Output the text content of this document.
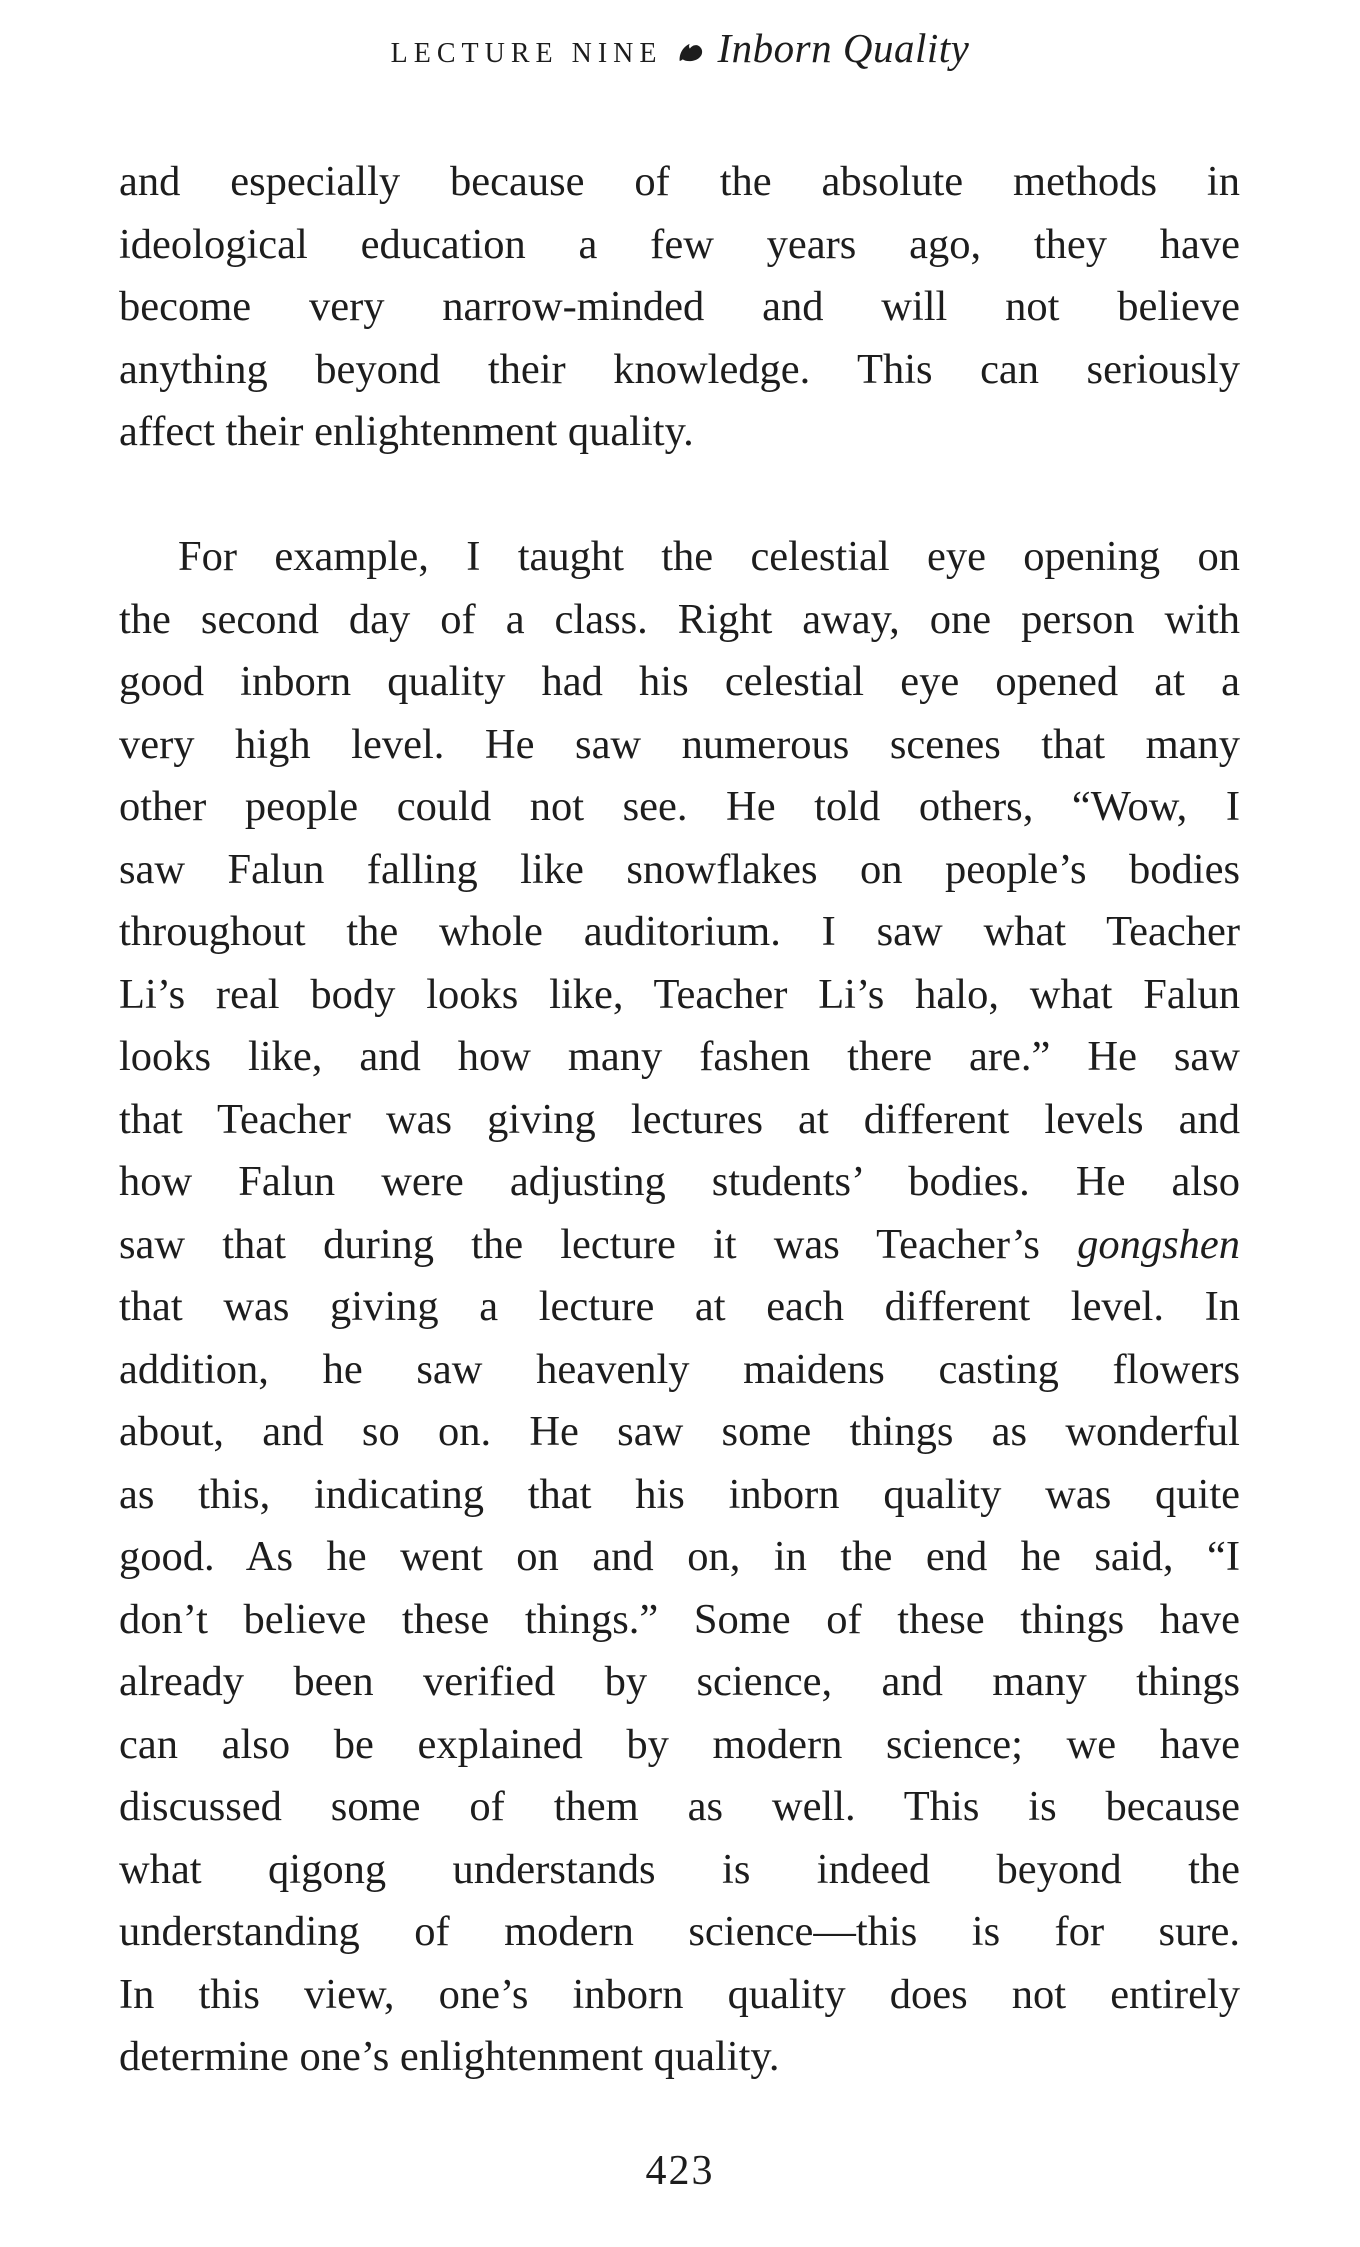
LECTURE NINE Inborn Quality
and especially because of the absolute methods in
ideological education a few years ago, they have
become very narrow-minded and will not believe
anything beyond their knowledge. This can seriously
affect their enlightenment quality.
For example, I taught the celestial eye opening on
the second day of a class. Right away, one person with
good inborn quality had his celestial eye opened at a
very high level. He saw numerous scenes that many
other people could not see. He told others, “Wow, I
saw Falun falling like snowflakes on people’s bodies
throughout the whole auditorium. I saw what Teacher
Li’s real body looks like, Teacher Li’s halo, what Falun
looks like, and how many fashen there are.” He saw
that Teacher was giving lectures at different levels and
how Falun were adjusting students’ bodies. He also
saw that during the lecture it was Teacher’s gongshen
that was giving a lecture at each different level. In
addition, he saw heavenly maidens casting flowers
about, and so on. He saw some things as wonderful
as this, indicating that his inborn quality was quite
good. As he went on and on, in the end he said, “I
don’t believe these things.” Some of these things have
already been verified by science, and many things
can also be explained by modern science; we have
discussed some of them as well. This is because
what qigong understands is indeed beyond the
understanding of modern science—this is for sure.
In this view, one’s inborn quality does not entirely
determine one’s enlightenment quality.
423
